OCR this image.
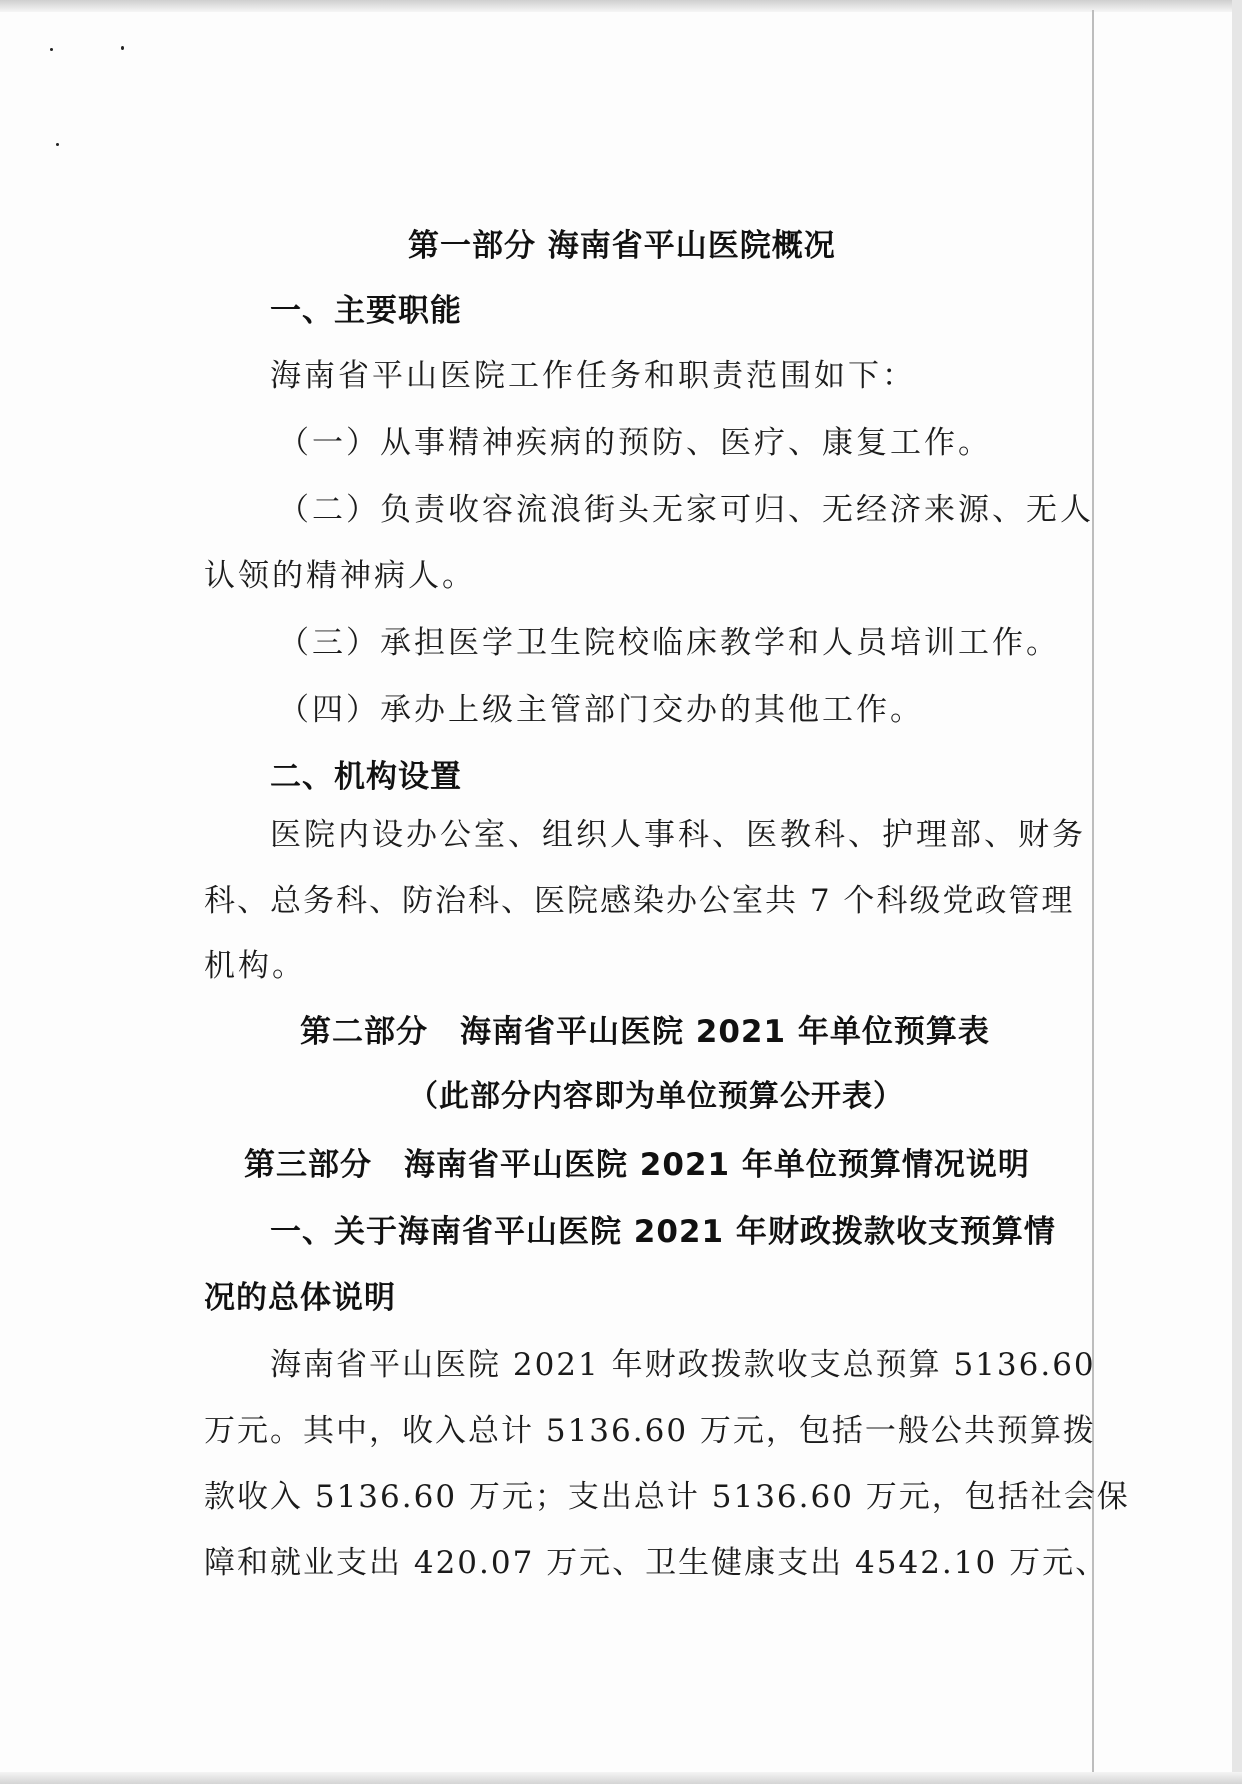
第一部分 海南省平山医院概况
一、主要职能

海南省平山医院工作任务和职责范围如下：

（一）从事精神疾病的预防、医疗、康复工作。

（二）负责收容流浪街头无家可归、无经济来源、无人

认领的精神病人。

（三）承担医学卫生院校临床教学和人员培训工作。

（四）承办上级主管部门交办的其他工作。

二、机构设置

医院内设办公室、组织人事科、医教科、护理部、财务

科、总务科、防治科、医院感染办公室共 7 个科级党政管理

机构。

第二部分　海南省平山医院 2021 年单位预算表

（此部分内容即为单位预算公开表）

第三部分　海南省平山医院 2021 年单位预算情况说明
一、关于海南省平山医院 2021 年财政拨款收支预算情
况的总体说明

海南省平山医院 2021 年财政拨款收支总预算 5136.60

万元。其中，收入总计 5136.60 万元，包括一般公共预算拨

款收入 5136.60 万元；支出总计 5136.60 万元，包括社会保

障和就业支出 420.07 万元、卫生健康支出 4542.10 万元、
